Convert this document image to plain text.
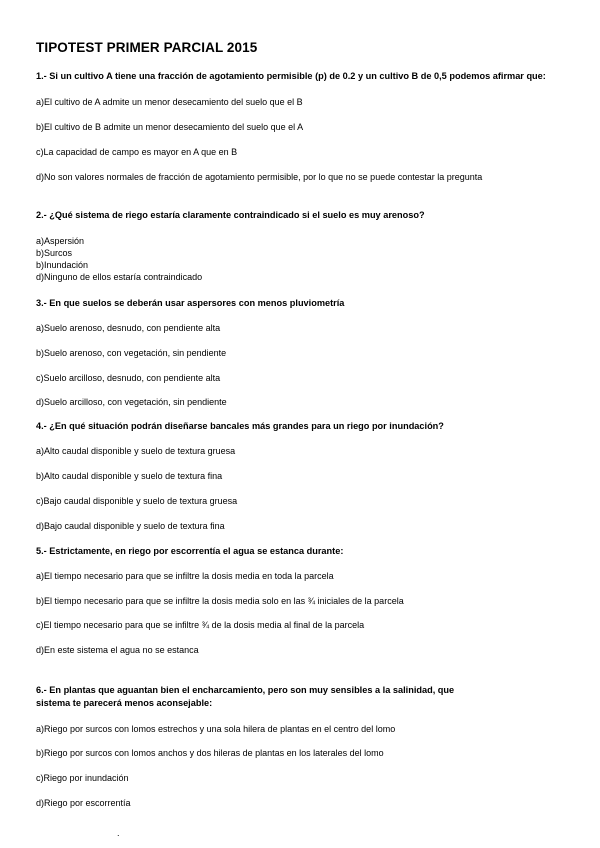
TIPOTEST PRIMER PARCIAL 2015
1.- Si un cultivo A tiene una fracción de agotamiento permisible (p) de 0.2 y un cultivo B de 0,5 podemos afirmar que:
a)El cultivo de A admite un menor desecamiento del suelo que el B
b)El cultivo de B admite un menor desecamiento del suelo que el A
c)La capacidad de campo es mayor en A que en B
d)No son valores normales de fracción de agotamiento permisible, por lo que no se puede contestar la pregunta
2.- ¿Qué sistema de riego estaría claramente contraindicado si el suelo es muy arenoso?
a)Aspersión
b)Surcos
b)Inundación
d)Ninguno de ellos estaría contraindicado
3.- En que suelos se deberán usar aspersores con menos pluviometría
a)Suelo arenoso, desnudo, con pendiente alta
b)Suelo arenoso, con vegetación, sin pendiente
c)Suelo arcilloso, desnudo, con pendiente alta
d)Suelo arcilloso, con vegetación, sin pendiente
4.- ¿En qué situación podrán diseñarse bancales más grandes para un riego por inundación?
a)Alto caudal disponible y suelo de textura gruesa
b)Alto caudal disponible y suelo de textura fina
c)Bajo caudal disponible y suelo de textura gruesa
d)Bajo caudal disponible y suelo de textura fina
5.- Estrictamente, en riego por escorrentía el agua se estanca durante:
a)El tiempo necesario para que se infiltre la dosis media en toda la parcela
b)El tiempo necesario para que se infiltre la dosis media solo en las ¾ iniciales de la parcela
c)El tiempo necesario para que se infiltre ¾ de la dosis media al final de la parcela
d)En este sistema el agua no se estanca
6.- En plantas que aguantan bien el encharcamiento, pero son muy sensibles a la salinidad, que sistema te parecerá menos aconsejable:
a)Riego por surcos con lomos estrechos y una sola hilera de plantas en el centro del lomo
b)Riego por surcos con lomos anchos y dos hileras de plantas en los laterales del lomo
c)Riego por inundación
d)Riego por escorrentía
.
